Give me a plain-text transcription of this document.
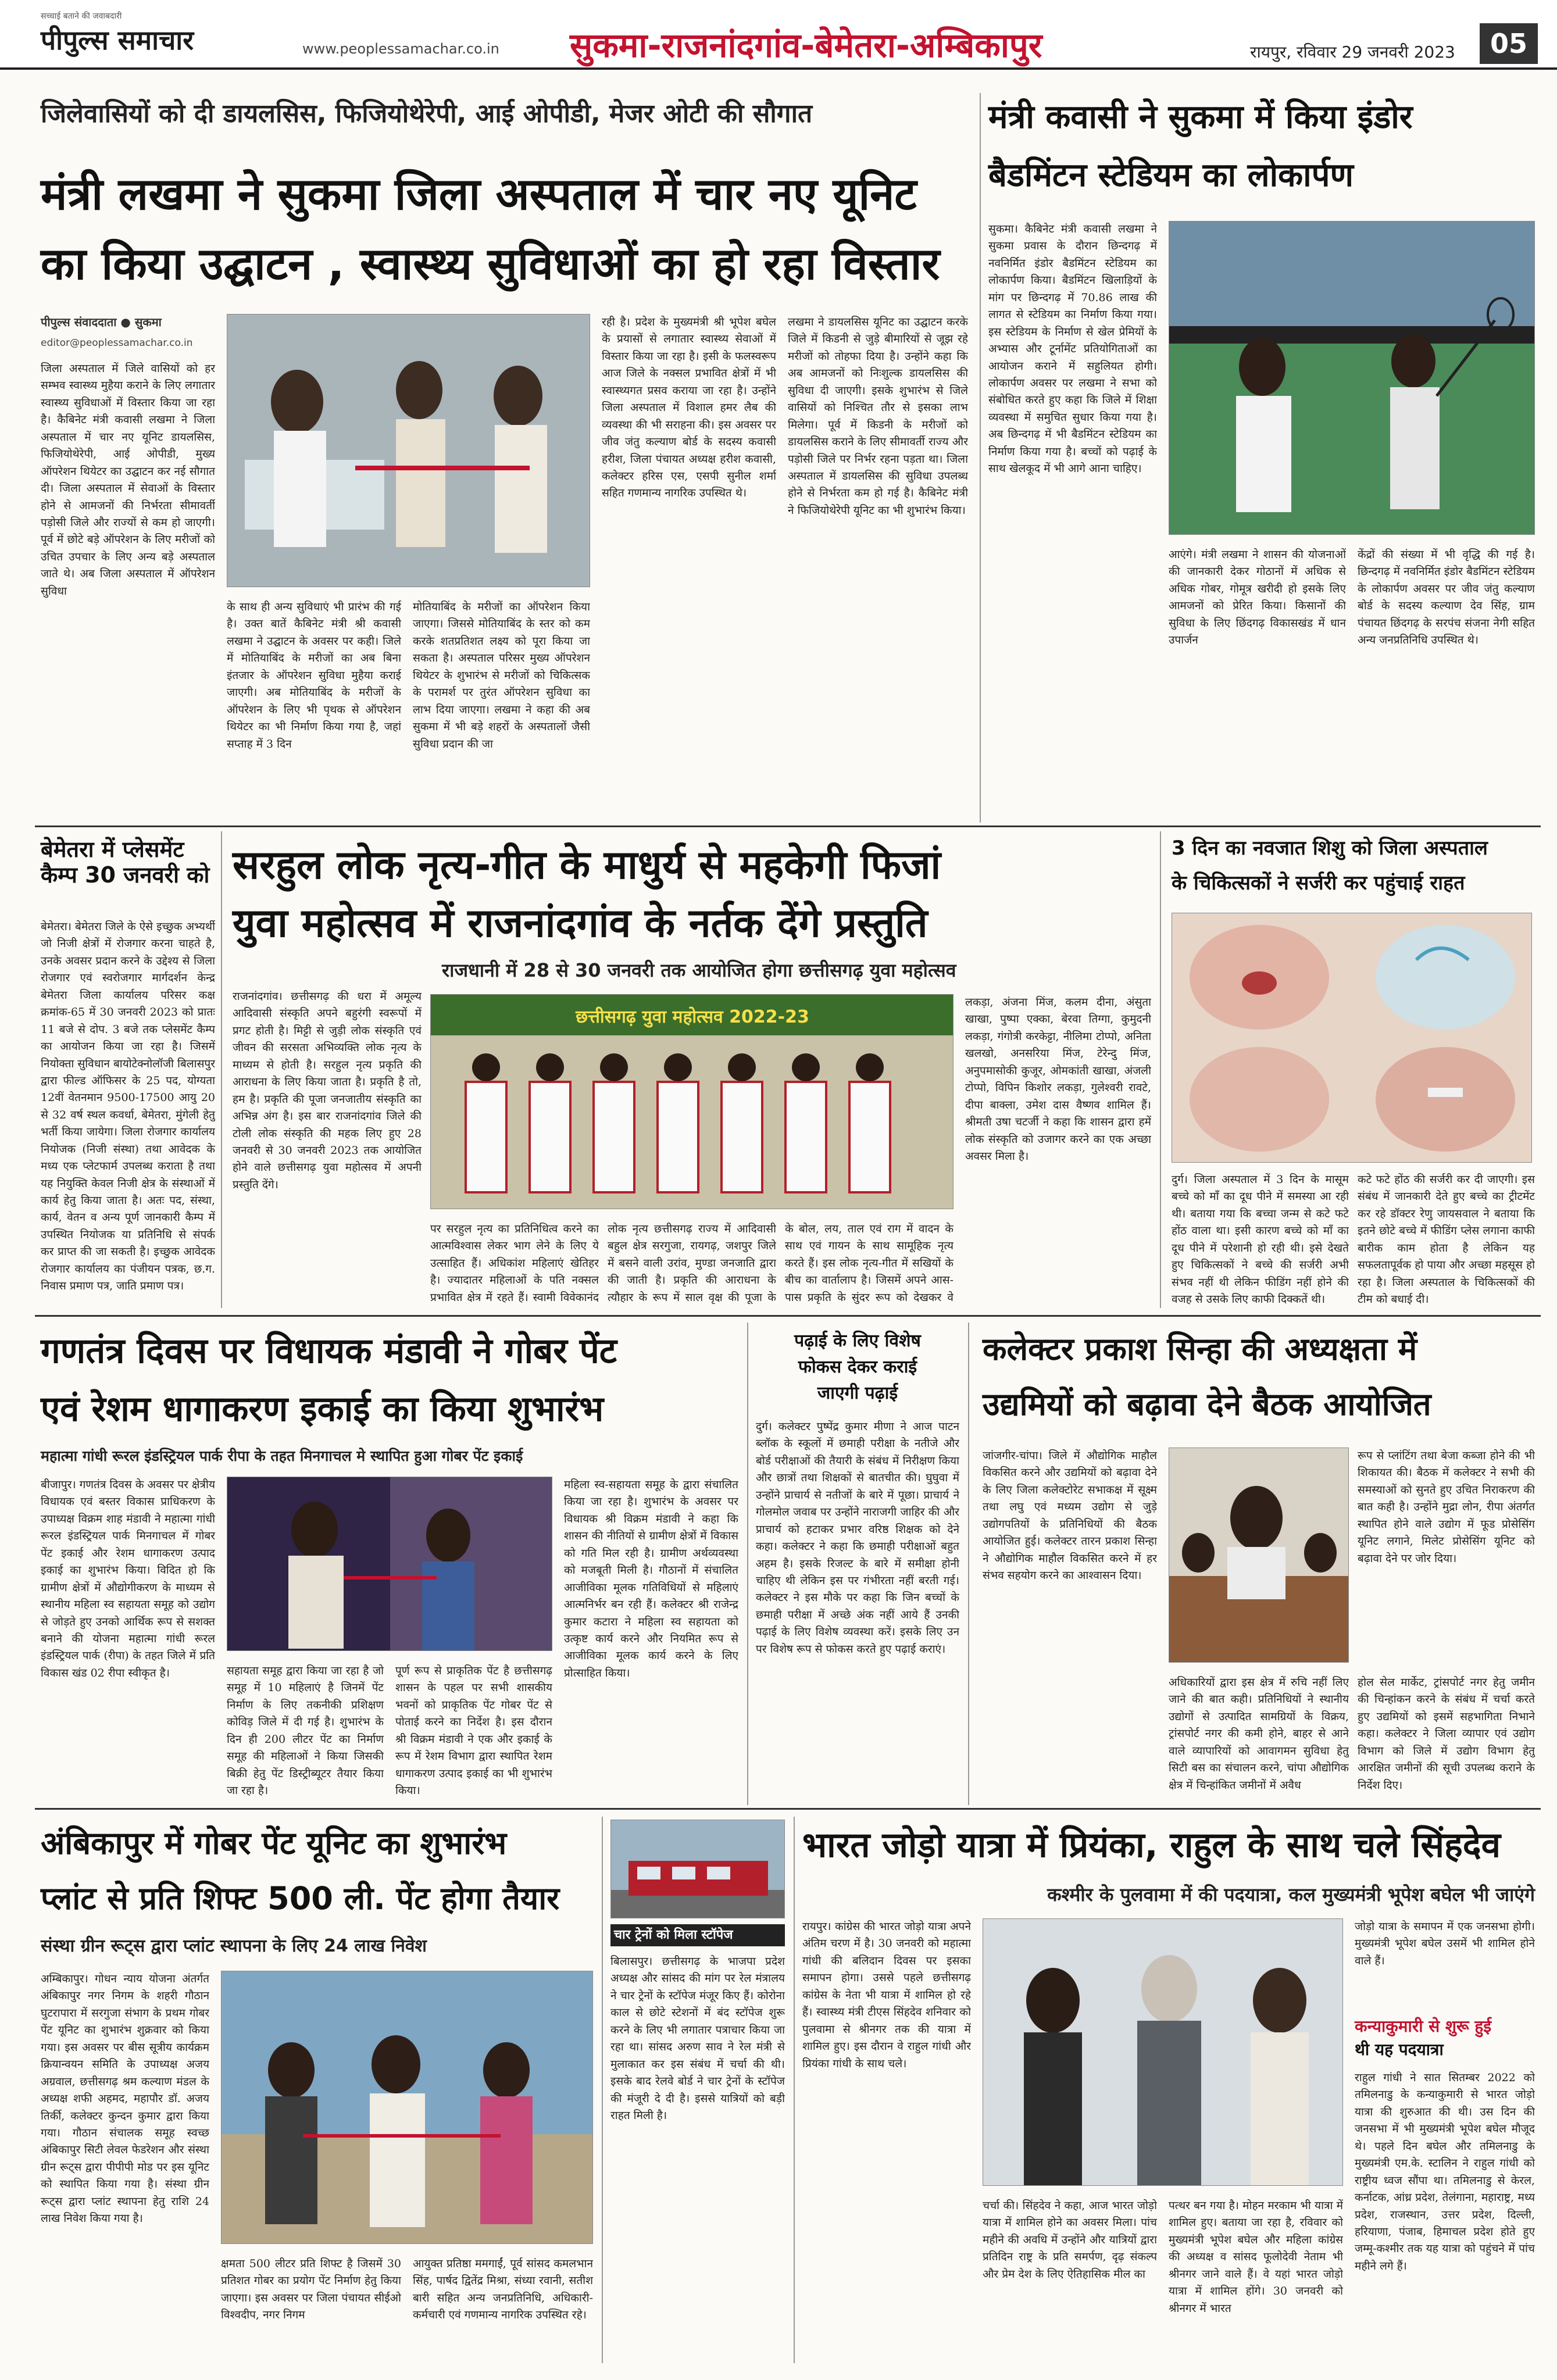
सच्चाई बताने की जवाबदारी
पीपुल्स समाचार	www.peoplessamachar.co.in सुकमा-राजनांदगांव-बेमेतरा-अम्बिकापुर	रायपुर, रविवार 29 जनवरी 2023	05
जिलेवासियों को दी डायलसिस, फिजियोथेरेपी, आई ओपीडी, मेजर ओटी की सौगात
मंत्री लखमा ने सुकमा जिला अस्पताल में चार नए यूनिट
का किया उद्घाटन , स्वास्थ्य सुविधाओं का हो रहा विस्तार
पीपुल्स संवाददाता ● सुकमा
editor@peoplessamachar.co.in
जिला अस्पताल में जिले वासियों को हर सम्भव स्वास्थ्य मुहैया कराने के लिए लगातार स्वास्थ्य सुविधाओं में विस्तार किया जा रहा है। कैबिनेट मंत्री कवासी लखमा ने जिला अस्पताल में चार नए यूनिट डायलसिस, फिजियोथेरेपी, आई ओपीडी, मुख्य ऑपरेशन थियेटर का उद्घाटन कर नई सौगात दी। जिला अस्पताल में सेवाओं के विस्तार होने से आमजनों की निर्भरता सीमावर्ती पड़ोसी जिले और राज्यों से कम हो जाएगी। पूर्व में छोटे बड़े ऑपरेशन के लिए मरीजों को उचित उपचार के लिए अन्य बड़े अस्पताल जाते थे। अब जिला अस्पताल में ऑपरेशन सुविधा
के साथ ही अन्य सुविधाएं भी प्रारंभ की गई है। उक्त बातें कैबिनेट मंत्री श्री कवासी लखमा ने उद्घाटन के अवसर पर कही। जिले में मोतियाबिंद के मरीजों का अब बिना इंतजार के ऑपरेशन सुविधा मुहैया कराई जाएगी। अब मोतियाबिंद के मरीजों के ऑपरेशन के लिए भी पृथक से ऑपरेशन थियेटर का भी निर्माण किया गया है, जहां सप्ताह में 3 दिन
मोतियाबिंद के मरीजों का ऑपरेशन किया जाएगा। जिससे मोतियाबिंद के स्तर को कम करके शतप्रतिशत लक्ष्य को पूरा किया जा सकता है। अस्पताल परिसर मुख्य ऑपरेशन थियेटर के शुभारंभ से मरीजों को चिकित्सक के परामर्श पर तुरंत ऑपरेशन सुविधा का लाभ दिया जाएगा। लखमा ने कहा की अब सुकमा में भी बड़े शहरों के अस्पतालों जैसी सुविधा प्रदान की जा
रही है। प्रदेश के मुख्यमंत्री श्री भूपेश बघेल के प्रयासों से लगातार स्वास्थ्य सेवाओं में विस्तार किया जा रहा है। इसी के फलस्वरूप आज जिले के नक्सल प्रभावित क्षेत्रों में भी स्वास्थ्यगत प्रसव कराया जा रहा है। उन्होंने जिला अस्पताल में विशाल हमर लैब की व्यवस्था की भी सराहना की। इस अवसर पर जीव जंतु कल्याण बोर्ड के सदस्य कवासी हरीश, जिला पंचायत अध्यक्ष हरीश कवासी, कलेक्टर हरिस एस, एसपी सुनील शर्मा सहित गणमान्य नागरिक उपस्थित थे।
लखमा ने डायलसिस यूनिट का उद्घाटन करके जिले में किडनी से जुड़े बीमारियों से जूझ रहे मरीजों को तोहफा दिया है। उन्होंने कहा कि अब आमजनों को निःशुल्क डायलसिस की सुविधा दी जाएगी। इसके शुभारंभ से जिले वासियों को निश्चित तौर से इसका लाभ मिलेगा। पूर्व में किडनी के मरीजों को डायलसिस कराने के लिए सीमावर्ती राज्य और पड़ोसी जिले पर निर्भर रहना पड़ता था। जिला अस्पताल में डायलसिस की सुविधा उपलब्ध होने से निर्भरता कम हो गई है। कैबिनेट मंत्री ने फिजियोथेरेपी यूनिट का भी शुभारंभ किया।
मंत्री कवासी ने सुकमा में किया इंडोर
बैडमिंटन स्टेडियम का लोकार्पण
सुकमा। कैबिनेट मंत्री कवासी लखमा ने सुकमा प्रवास के दौरान छिन्दगढ़ में नवनिर्मित इंडोर बैडमिंटन स्टेडियम का लोकार्पण किया। बैडमिंटन खिलाड़ियों के मांग पर छिन्दगढ़ में 70.86 लाख की लागत से स्टेडियम का निर्माण किया गया। इस स्टेडियम के निर्माण से खेल प्रेमियों के अभ्यास और टूर्नामेंट प्रतियोगिताओं का आयोजन कराने में सहुलियत होगी। लोकार्पण अवसर पर लखमा ने सभा को संबोधित करते हुए कहा कि जिले में शिक्षा व्यवस्था में समुचित सुधार किया गया है। अब छिन्दगढ़ में भी बैडमिंटन स्टेडियम का निर्माण किया गया है। बच्चों को पढ़ाई के साथ खेलकूद में भी आगे आना चाहिए।
आएंगे। मंत्री लखमा ने शासन की योजनाओं की जानकारी देकर गोठानों में अधिक से अधिक गोबर, गोमूत्र खरीदी हो इसके लिए आमजनों को प्रेरित किया। किसानों की सुविधा के लिए छिंदगढ़ विकासखंड में धान उपार्जन
केंद्रों की संख्या में भी वृद्धि की गई है। छिन्दगढ़ में नवनिर्मित इंडोर बैडमिंटन स्टेडियम के लोकार्पण अवसर पर जीव जंतु कल्याण बोर्ड के सदस्य कल्याण देव सिंह, ग्राम पंचायत छिंदगढ़ के सरपंच संजना नेगी सहित अन्य जनप्रतिनिधि उपस्थित थे।
बेमेतरा में प्लेसमेंट कैम्प 30 जनवरी को
बेमेतरा। बेमेतरा जिले के ऐसे इच्छुक अभ्यर्थी जो निजी क्षेत्रों में रोजगार करना चाहते है, उनके अवसर प्रदान करने के उद्देश्य से जिला रोजगार एवं स्वरोजगार मार्गदर्शन केन्द्र बेमेतरा जिला कार्यालय परिसर कक्ष क्रमांक-65 में 30 जनवरी 2023 को प्रातः 11 बजे से दोप. 3 बजे तक प्लेसमेंट कैम्प का आयोजन किया जा रहा है। जिसमें नियोक्ता सुविधान बायोटेक्नोलॉजी बिलासपुर द्वारा फील्ड ऑफिसर के 25 पद, योग्यता 12वीं वेतनमान 9500-17500 आयु 20 से 32 वर्ष स्थल कवर्धा, बेमेतरा, मुंगेली हेतु भर्ती किया जायेगा। जिला रोजगार कार्यालय नियोजक (निजी संस्था) तथा आवेदक के मध्य एक प्लेटफार्म उपलब्ध कराता है तथा यह नियुक्ति केवल निजी क्षेत्र के संस्थाओं में कार्य हेतु किया जाता है। अतः पद, संस्था, कार्य, वेतन व अन्य पूर्ण जानकारी कैम्प में उपस्थित नियोजक या प्रतिनिधि से संपर्क कर प्राप्त की जा सकती है। इच्छुक आवेदक रोजगार कार्यालय का पंजीयन पत्रक, छ.ग. निवास प्रमाण पत्र, जाति प्रमाण पत्र।
सरहुल लोक नृत्य-गीत के माधुर्य से महकेगी फिजां
युवा महोत्सव में राजनांदगांव के नर्तक देंगे प्रस्तुति
राजधानी में 28 से 30 जनवरी तक आयोजित होगा छत्तीसगढ़ युवा महोत्सव
राजनांदगांव। छत्तीसगढ़ की धरा में अमूल्य आदिवासी संस्कृति अपने बहुरंगी स्वरूपों में प्रगट होती है। मिट्टी से जुड़ी लोक संस्कृति एवं जीवन की सरसता अभिव्यक्ति लोक नृत्य के माध्यम से होती है। सरहुल नृत्य प्रकृति की आराधना के लिए किया जाता है। प्रकृति है तो, हम है। प्रकृति की पूजा जनजातीय संस्कृति का अभिन्न अंग है। इस बार राजनांदगांव जिले की टोली लोक संस्कृति की महक लिए हुए 28 जनवरी से 30 जनवरी 2023 तक आयोजित होने वाले छत्तीसगढ़ युवा महोत्सव में अपनी प्रस्तुति देंगे।
छत्तीसगढ़ युवा महोत्सव 2022-23
पर सरहुल नृत्य का प्रतिनिधित्व करने का आत्मविश्वास लेकर भाग लेने के लिए ये उत्साहित हैं। अधिकांश महिलाएं खेतिहर है। ज्यादातर महिलाओं के पति नक्सल प्रभावित क्षेत्र में रहते हैं। स्वामी विवेकानंद
लोक नृत्य छत्तीसगढ़ राज्य में आदिवासी बहुल क्षेत्र सरगुजा, रायगढ़, जशपुर जिले में बसने वाली उरांव, मुण्डा जनजाति द्वारा की जाती है। प्रकृति की आराधना के त्यौहार के रूप में साल वृक्ष की पूजा के
के बोल, लय, ताल एवं राग में वादन के साथ एवं गायन के साथ सामूहिक नृत्य करते हैं। इस लोक नृत्य-गीत में सखियों के बीच का वार्तालाप है। जिसमें अपने आस-पास प्रकृति के सुंदर रूप को देखकर वे
लकड़ा, अंजना मिंज, कलम दीना, अंसुता खाखा, पुष्पा एक्का, बेरवा तिग्गा, कुमुदनी लकड़ा, गंगोत्री करकेट्टा, नीलिमा टोप्पो, अनिता खलखो, अनसरिया मिंज, टेरेन्दु मिंज, अनुपमासोकी कुजूर, ओमकांती खाखा, अंजली टोप्पो, विपिन किशोर लकड़ा, गुलेश्वरी रावटे, दीपा बाक्ला, उमेश दास वैष्णव शामिल हैं। श्रीमती उषा चटर्जी ने कहा कि शासन द्वारा हमें लोक संस्कृति को उजागर करने का एक अच्छा अवसर मिला है।
3 दिन का नवजात शिशु को जिला अस्पताल
के चिकित्सकों ने सर्जरी कर पहुंचाई राहत
दुर्ग। जिला अस्पताल में 3 दिन के मासूम बच्चे को माँ का दूध पीने में समस्या आ रही थी। बताया गया कि बच्चा जन्म से कटे फटे होंठ वाला था। इसी कारण बच्चे को माँ का दूध पीने में परेशानी हो रही थी। इसे देखते हुए चिकित्सकों ने बच्चे की सर्जरी अभी संभव नहीं थी लेकिन फीडिंग नहीं होने की वजह से उसके लिए काफी दिक्कतें थी।
कटे फटे होंठ की सर्जरी कर दी जाएगी। इस संबंध में जानकारी देते हुए बच्चे का ट्रीटमेंट कर रहे डॉक्टर रेणु जायसवाल ने बताया कि इतने छोटे बच्चे में फीडिंग प्लेस लगाना काफी बारीक काम होता है लेकिन यह सफलतापूर्वक हो पाया और अच्छा महसूस हो रहा है। जिला अस्पताल के चिकित्सकों की टीम को बधाई दी।
गणतंत्र दिवस पर विधायक मंडावी ने गोबर पेंट
एवं रेशम धागाकरण इकाई का किया शुभारंभ
महात्मा गांधी रूरल इंडस्ट्रियल पार्क रीपा के तहत मिनगाचल मे स्थापित हुआ गोबर पेंट इकाई
बीजापुर। गणतंत्र दिवस के अवसर पर क्षेत्रीय विधायक एवं बस्तर विकास प्राधिकरण के उपाध्यक्ष विक्रम शाह मंडावी ने महात्मा गांधी रूरल इंडस्ट्रियल पार्क मिनगाचल में गोबर पेंट इकाई और रेशम धागाकरण उत्पाद इकाई का शुभारंभ किया। विदित हो कि ग्रामीण क्षेत्रों में औद्योगीकरण के माध्यम से स्थानीय महिला स्व सहायता समूह को उद्योग से जोड़ते हुए उनको आर्थिक रूप से सशक्त बनाने की योजना महात्मा गांधी रूरल इंडस्ट्रियल पार्क (रीपा) के तहत जिले में प्रति विकास खंड 02 रीपा स्वीकृत है।	सहायता समूह द्वारा किया जा रहा है जो समूह में 10 महिलाएं है जिनमें पेंट निर्माण के लिए तकनीकी प्रशिक्षण कोविड़ जिले में दी गई है। शुभारंभ के दिन ही 200 लीटर पेंट का निर्माण समूह की महिलाओं ने किया जिसकी बिक्री हेतु पेंट डिस्ट्रीब्यूटर तैयार किया जा रहा है।
पूर्ण रूप से प्राकृतिक पेंट है छत्तीसगढ़ शासन के पहल पर सभी शासकीय भवनों को प्राकृतिक पेंट गोबर पेंट से पोताई करने का निर्देश है। इस दौरान श्री विक्रम मंडावी ने एक और इकाई के रूप में रेशम विभाग द्वारा स्थापित रेशम धागाकरण उत्पाद इकाई का भी शुभारंभ किया।
महिला स्व-सहायता समूह के द्वारा संचालित किया जा रहा है। शुभारंभ के अवसर पर विधायक श्री विक्रम मंडावी ने कहा कि शासन की नीतियों से ग्रामीण क्षेत्रों में विकास को गति मिल रही है। ग्रामीण अर्थव्यवस्था को मजबूती मिली है। गौठानों में संचालित आजीविका मूलक गतिविधियों से महिलाएं आत्मनिर्भर बन रही हैं। कलेक्टर श्री राजेन्द्र कुमार कटारा ने महिला स्व सहायता को उत्कृष्ट कार्य करने और नियमित रूप से आजीविका मूलक कार्य करने के लिए प्रोत्साहित किया।
पढ़ाई के लिए विशेष
फोकस देकर कराई
जाएगी पढ़ाई
दुर्ग। कलेक्टर पुष्पेंद्र कुमार मीणा ने आज पाटन ब्लॉक के स्कूलों में छमाही परीक्षा के नतीजे और बोर्ड परीक्षाओं की तैयारी के संबंध में निरीक्षण किया और छात्रों तथा शिक्षकों से बातचीत की। घुघुवा में उन्होंने प्राचार्य से नतीजों के बारे में पूछा। प्राचार्य ने गोलमोल जवाब पर उन्होंने नाराजगी जाहिर की और प्राचार्य को हटाकर प्रभार वरिष्ठ शिक्षक को देने कहा। कलेक्टर ने कहा कि छमाही परीक्षाओं बहुत अहम है। इसके रिजल्ट के बारे में समीक्षा होनी चाहिए थी लेकिन इस पर गंभीरता नहीं बरती गई। कलेक्टर ने इस मौके पर कहा कि जिन बच्चों के छमाही परीक्षा में अच्छे अंक नहीं आये हैं उनकी पढ़ाई के लिए विशेष व्यवस्था करें। इसके लिए उन पर विशेष रूप से फोकस करते हुए पढ़ाई कराएं।
कलेक्टर प्रकाश सिन्हा की अध्यक्षता में
उद्यमियों को बढ़ावा देने बैठक आयोजित
जांजगीर-चांपा। जिले में औद्योगिक माहौल विकसित करने और उद्यमियों को बढ़ावा देने के लिए जिला कलेक्टोरेट सभाकक्ष में सूक्ष्म तथा लघु एवं मध्यम उद्योग से जुड़े उद्योगपतियों के प्रतिनिधियों की बैठक आयोजित हुई। कलेक्टर तारन प्रकाश सिन्हा ने औद्योगिक माहौल विकसित करने में हर संभव सहयोग करने का आश्वासन दिया।
रूप से प्लांटिंग तथा बेजा कब्जा होने की भी शिकायत की। बैठक में कलेक्टर ने सभी की समस्याओं को सुनते हुए उचित निराकरण की बात कही है। उन्होंने मुद्रा लोन, रीपा अंतर्गत स्थापित होने वाले उद्योग में फूड प्रोसेसिंग यूनिट लगाने, मिलेट प्रोसेसिंग यूनिट को बढ़ावा देने पर जोर दिया।
अधिकारियों द्वारा इस क्षेत्र में रुचि नहीं लिए जाने की बात कही। प्रतिनिधियों ने स्थानीय उद्योगों से उत्पादित सामग्रियों के विक्रय, ट्रांसपोर्ट नगर की कमी होने, बाहर से आने वाले व्यापारियों को आवागमन सुविधा हेतु सिटी बस का संचालन करने, चांपा औद्योगिक क्षेत्र में चिन्हांकित जमीनों में अवैध
होल सेल मार्केट, ट्रांसपोर्ट नगर हेतु जमीन की चिन्हांकन करने के संबंध में चर्चा करते हुए उद्यमियों को इसमें सहभागिता निभाने कहा। कलेक्टर ने जिला व्यापार एवं उद्योग विभाग को जिले में उद्योग विभाग हेतु आरक्षित जमीनों की सूची उपलब्ध कराने के निर्देश दिए।
अंबिकापुर में गोबर पेंट यूनिट का शुभारंभ
प्लांट से प्रति शिफ्ट 500 ली. पेंट होगा तैयार
संस्था ग्रीन रूट्स द्वारा प्लांट स्थापना के लिए 24 लाख निवेश
अम्बिकापुर। गोधन न्याय योजना अंतर्गत अंबिकापुर नगर निगम के शहरी गौठान घुटरापारा में सरगुजा संभाग के प्रथम गोबर पेंट यूनिट का शुभारंभ शुक्रवार को किया गया। इस अवसर पर बीस सूत्रीय कार्यक्रम क्रियान्वयन समिति के उपाध्यक्ष अजय अग्रवाल, छत्तीसगढ़ श्रम कल्याण मंडल के अध्यक्ष शफी अहमद, महापौर डॉ. अजय तिर्की, कलेक्टर कुन्दन कुमार द्वारा किया गया। गौठान संचालक समूह स्वच्छ अंबिकापुर सिटी लेवल फेडरेशन और संस्था ग्रीन रूट्स द्वारा पीपीपी मोड पर इस यूनिट को स्थापित किया गया है। संस्था ग्रीन रूट्स द्वारा प्लांट स्थापना हेतु राशि 24 लाख निवेश किया गया है।
क्षमता 500 लीटर प्रति शिफ्ट है जिसमें 30 प्रतिशत गोबर का प्रयोग पेंट निर्माण हेतु किया जाएगा। इस अवसर पर जिला पंचायत सीईओ विश्वदीप, नगर निगम
आयुक्त प्रतिष्ठा ममगाईं, पूर्व सांसद कमलभान सिंह, पार्षद द्वितेंद्र मिश्रा, संध्या रवानी, सतीश बारी सहित अन्य जनप्रतिनिधि, अधिकारी-कर्मचारी एवं गणमान्य नागरिक उपस्थित रहे।
चार ट्रेनों को मिला स्टॉपेज
बिलासपुर। छत्तीसगढ़ के भाजपा प्रदेश अध्यक्ष और सांसद की मांग पर रेल मंत्रालय ने चार ट्रेनों के स्टॉपेज मंजूर किए हैं। कोरोना काल से छोटे स्टेशनों में बंद स्टॉपेज शुरू करने के लिए भी लगातार पत्राचार किया जा रहा था। सांसद अरुण साव ने रेल मंत्री से मुलाकात कर इस संबंध में चर्चा की थी। इसके बाद रेलवे बोर्ड ने चार ट्रेनों के स्टॉपेज की मंजूरी दे दी है। इससे यात्रियों को बड़ी राहत मिली है।
भारत जोड़ो यात्रा में प्रियंका, राहुल के साथ चले सिंहदेव
कश्मीर के पुलवामा में की पदयात्रा, कल मुख्यमंत्री भूपेश बघेल भी जाएंगे
रायपुर। कांग्रेस की भारत जोड़ो यात्रा अपने अंतिम चरण में है। 30 जनवरी को महात्मा गांधी की बलिदान दिवस पर इसका समापन होगा। उससे पहले छत्तीसगढ़ कांग्रेस के नेता भी यात्रा में शामिल हो रहे हैं। स्वास्थ्य मंत्री टीएस सिंहदेव शनिवार को पुलवामा से श्रीनगर तक की यात्रा में शामिल हुए। इस दौरान वे राहुल गांधी और प्रियंका गांधी के साथ चले।
चर्चा की। सिंहदेव ने कहा, आज भारत जोड़ो यात्रा में शामिल होने का अवसर मिला। पांच महीने की अवधि में उन्होंने और यात्रियों द्वारा प्रतिदिन राष्ट्र के प्रति समर्पण, दृढ़ संकल्प और प्रेम देश के लिए ऐतिहासिक मील का
पत्थर बन गया है। मोहन मरकाम भी यात्रा में शामिल हुए। बताया जा रहा है, रविवार को मुख्यमंत्री भूपेश बघेल और महिला कांग्रेस की अध्यक्ष व सांसद फूलोदेवी नेताम भी श्रीनगर जाने वाले हैं। वे यहां भारत जोड़ो यात्रा में शामिल होंगे। 30 जनवरी को श्रीनगर में भारत
जोड़ो यात्रा के समापन में एक जनसभा होगी। मुख्यमंत्री भूपेश बघेल उसमें भी शामिल होने वाले हैं।
कन्याकुमारी से शुरू हुई
थी यह पदयात्रा
राहुल गांधी ने सात सितम्बर 2022 को तमिलनाडु के कन्याकुमारी से भारत जोड़ो यात्रा की शुरुआत की थी। उस दिन की जनसभा में भी मुख्यमंत्री भूपेश बघेल मौजूद थे। पहले दिन बघेल और तमिलनाडु के मुख्यमंत्री एम.के. स्टालिन ने राहुल गांधी को राष्ट्रीय ध्वज सौंपा था। तमिलनाडु से केरल, कर्नाटक, आंध्र प्रदेश, तेलंगाना, महाराष्ट्र, मध्य प्रदेश, राजस्थान, उत्तर प्रदेश, दिल्ली, हरियाणा, पंजाब, हिमाचल प्रदेश होते हुए जम्मू-कश्मीर तक यह यात्रा को पहुंचने में पांच महीने लगे हैं।
